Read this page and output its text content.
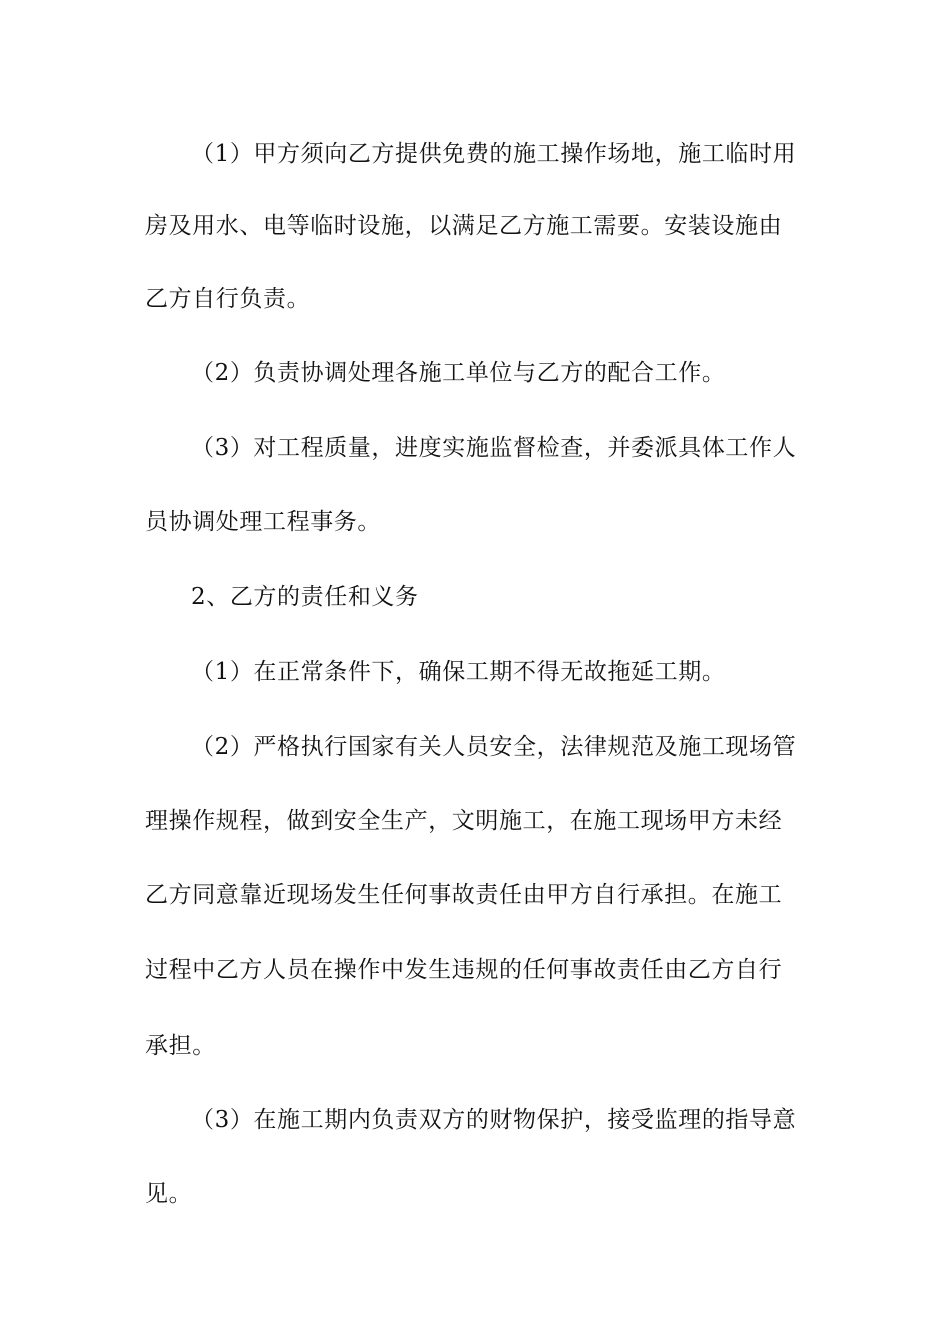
（1）甲方须向乙方提供免费的施工操作场地，施工临时用
房及用水、电等临时设施，以满足乙方施工需要。安装设施由
乙方自行负责。
（2）负责协调处理各施工单位与乙方的配合工作。
（3）对工程质量，进度实施监督检查，并委派具体工作人
员协调处理工程事务。
2、乙方的责任和义务
（1）在正常条件下，确保工期不得无故拖延工期。
（2）严格执行国家有关人员安全，法律规范及施工现场管
理操作规程，做到安全生产，文明施工，在施工现场甲方未经
乙方同意靠近现场发生任何事故责任由甲方自行承担。在施工
过程中乙方人员在操作中发生违规的任何事故责任由乙方自行
承担。
（3）在施工期内负责双方的财物保护，接受监理的指导意
见。
